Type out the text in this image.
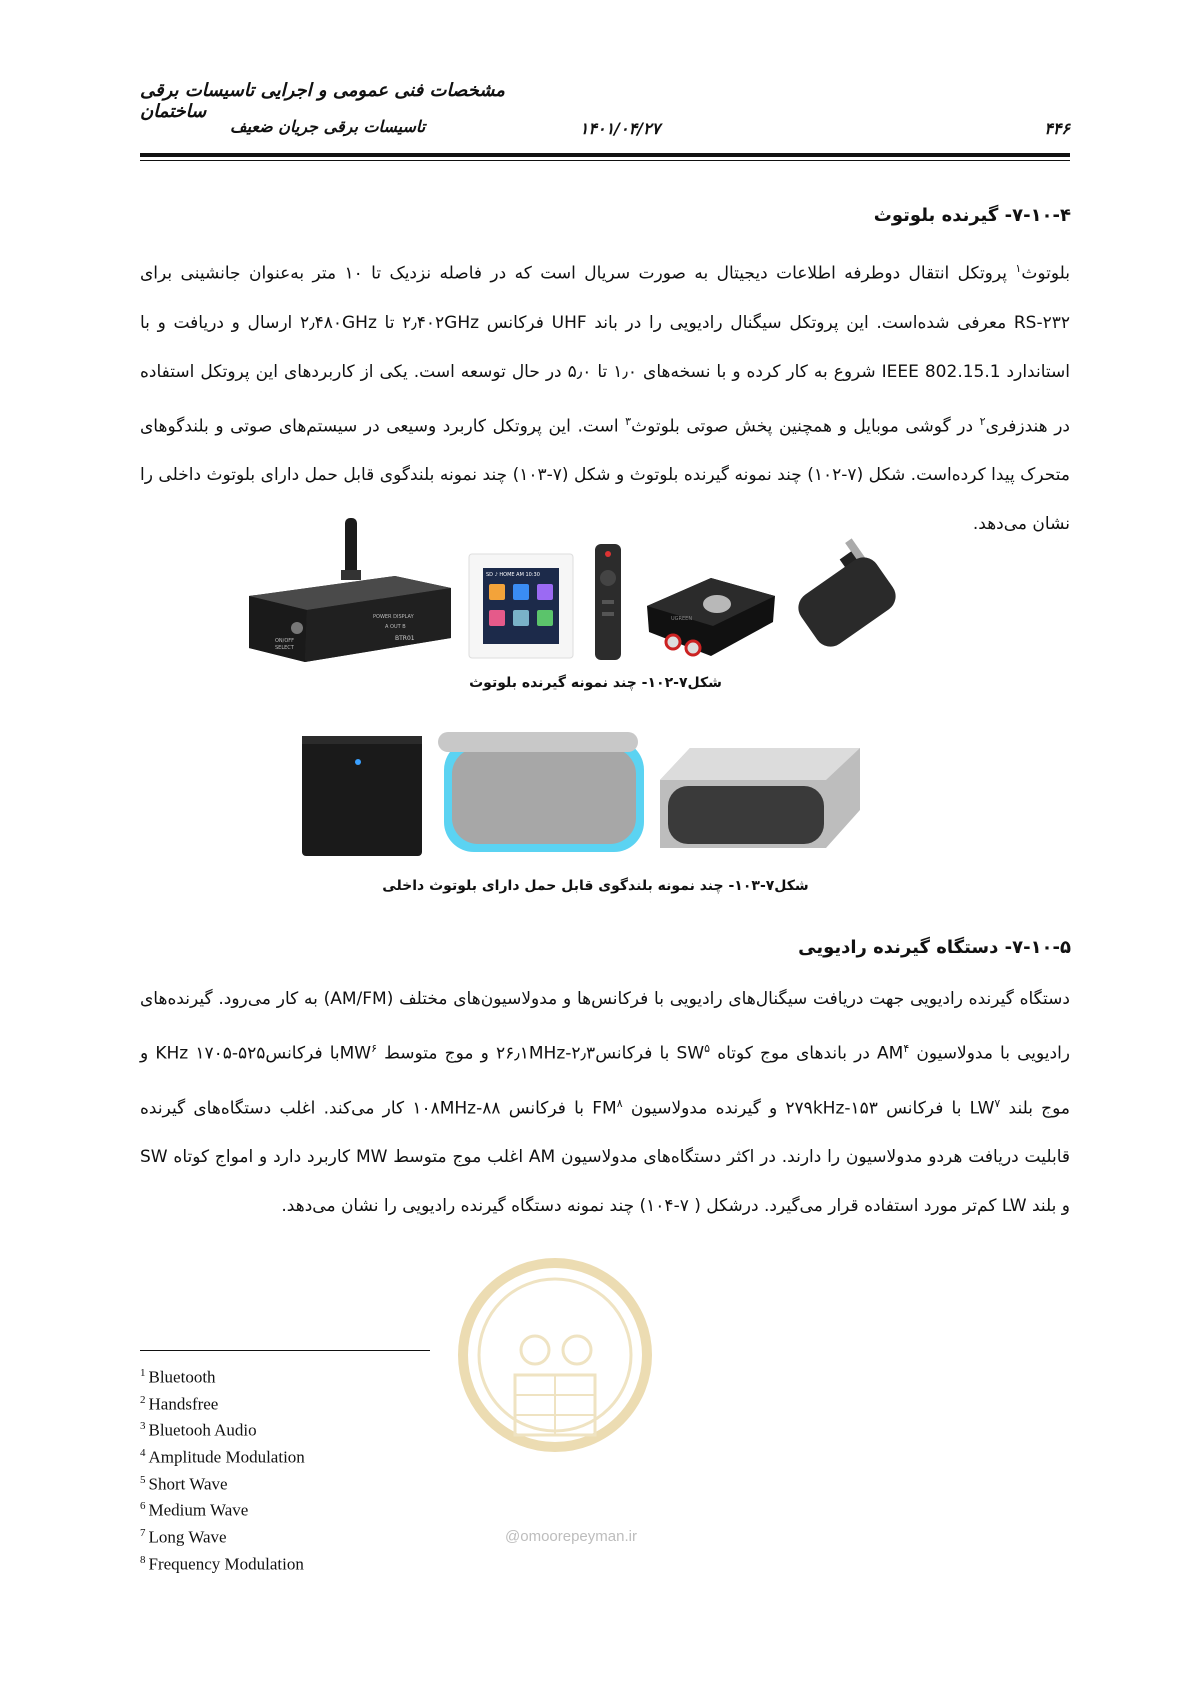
مشخصات فنی عمومی و اجرایی تاسیسات برقی ساختمان
تاسیسات برقی جریان ضعیف	۱۴۰۱/۰۴/۲۷	۴۴۶
۷-۱۰-۴- گیرنده بلوتوث

بلوتوث$^۱$ پروتکل انتقال دوطرفه اطلاعات دیجیتال به صورت سریال است که در فاصله نزدیک تا ۱۰ متر به‌عنوان جانشینی برای RS-۲۳۲ معرفی شده‌است. این پروتکل سیگنال رادیویی را در باند UHF فرکانس ۲٫۴۰۲GHz تا ۲٫۴۸۰GHz ارسال و دریافت و با استاندارد IEEE 802.15.1 شروع به کار کرده و با نسخه‌های ۱٫۰ تا ۵٫۰ در حال توسعه است. یکی از کاربردهای این پروتکل استفاده در هندزفری$^۲$ در گوشی موبایل و همچنین پخش صوتی بلوتوث$^۳$ است. این پروتکل کاربرد وسیعی در سیستم‌های صوتی و بلندگوهای متحرک پیدا کرده‌است. شکل (۷-۱۰۲) چند نمونه گیرنده بلوتوث و شکل (۷-۱۰۳) چند نمونه بلندگوی قابل حمل دارای بلوتوث داخلی را نشان می‌دهد.

POWER DISPLAY
A OUT B
ON/OFF
SELECT
BTR01
SD ♪ HOME AM 10:30
UGREEN
شکل۷-۱۰۲- چند نمونه گیرنده بلوتوث
شکل۷-۱۰۳- چند نمونه بلندگوی قابل حمل دارای بلوتوث داخلی
۷-۱۰-۵- دستگاه گیرنده رادیویی

دستگاه گیرنده رادیویی جهت دریافت سیگنال‌های رادیویی با فرکانس‌ها و مدولاسیون‌های مختلف (AM/FM) به کار می‌رود. گیرنده‌های رادیویی با مدولاسیون $AM^۴$ در باندهای موج کوتاه $SW^۵$ با فرکانس۲٫۳-۲۶٫۱MHz و موج متوسط $MW^۶با$ فرکانس۵۲۵-۱۷۰۵ KHz و موج بلند $LW^۷$ با فرکانس ۱۵۳-۲۷۹kHz و گیرنده مدولاسیون $FM^۸$ با فرکانس ۸۸-۱۰۸MHz کار می‌کند. اغلب دستگاه‌های گیرنده قابلیت دریافت هردو مدولاسیون را دارند. در اکثر دستگاه‌های مدولاسیون AM اغلب موج متوسط MW کاربرد دارد و امواج کوتاه SW و بلند LW کم‌تر مورد استفاده قرار می‌گیرد. درشکل ( ۷-۱۰۴) چند نمونه دستگاه گیرنده رادیویی را نشان می‌دهد.

$^1$ Bluetooth
$^2$ Handsfree
$^3$ Bluetooh Audio
$^4$ Amplitude Modulation
$^5$ Short Wave
$^6$ Medium Wave
$^7$ Long Wave
$^8$ Frequency Modulation
@omoorepeyman.ir
